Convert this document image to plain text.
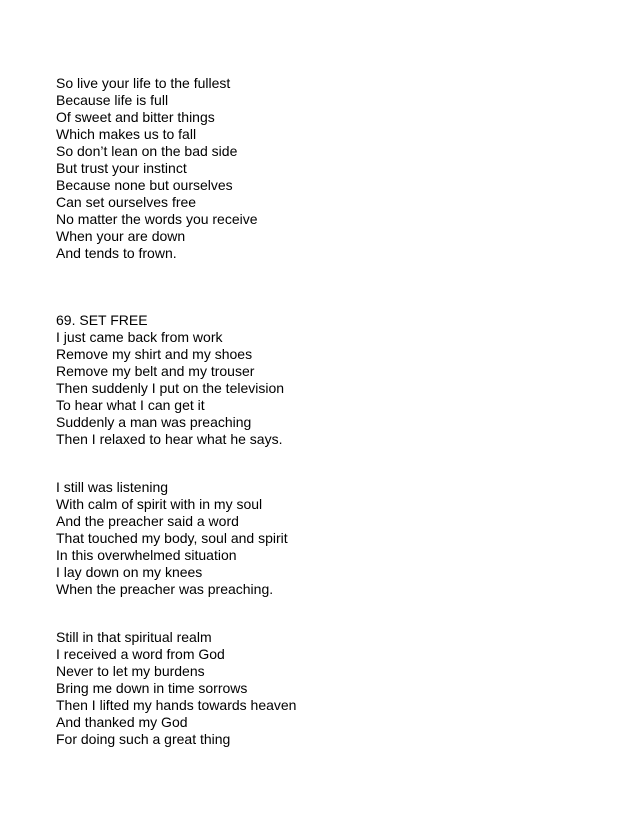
So live your life to the fullest
Because life is full
Of sweet and bitter things
Which makes us to fall
So don’t lean on the bad side
But trust your instinct
Because none but ourselves
Can set ourselves free
No matter the words you receive
When your are down
And tends to frown.
69. SET FREE
I just came back from work
Remove my shirt and my shoes
Remove my belt and my trouser
Then suddenly I put on the television
To hear what I can get it
Suddenly a man was preaching
Then I relaxed to hear what he says.
I still was listening
With calm of spirit with in my soul
And the preacher said a word
That touched my body, soul and spirit
In this overwhelmed situation
I lay down on my knees
When the preacher was preaching.
Still in that spiritual realm
I received a word from God
Never to let my burdens
Bring me down in time sorrows
Then I lifted my hands towards heaven
And thanked my God
For doing such a great thing
